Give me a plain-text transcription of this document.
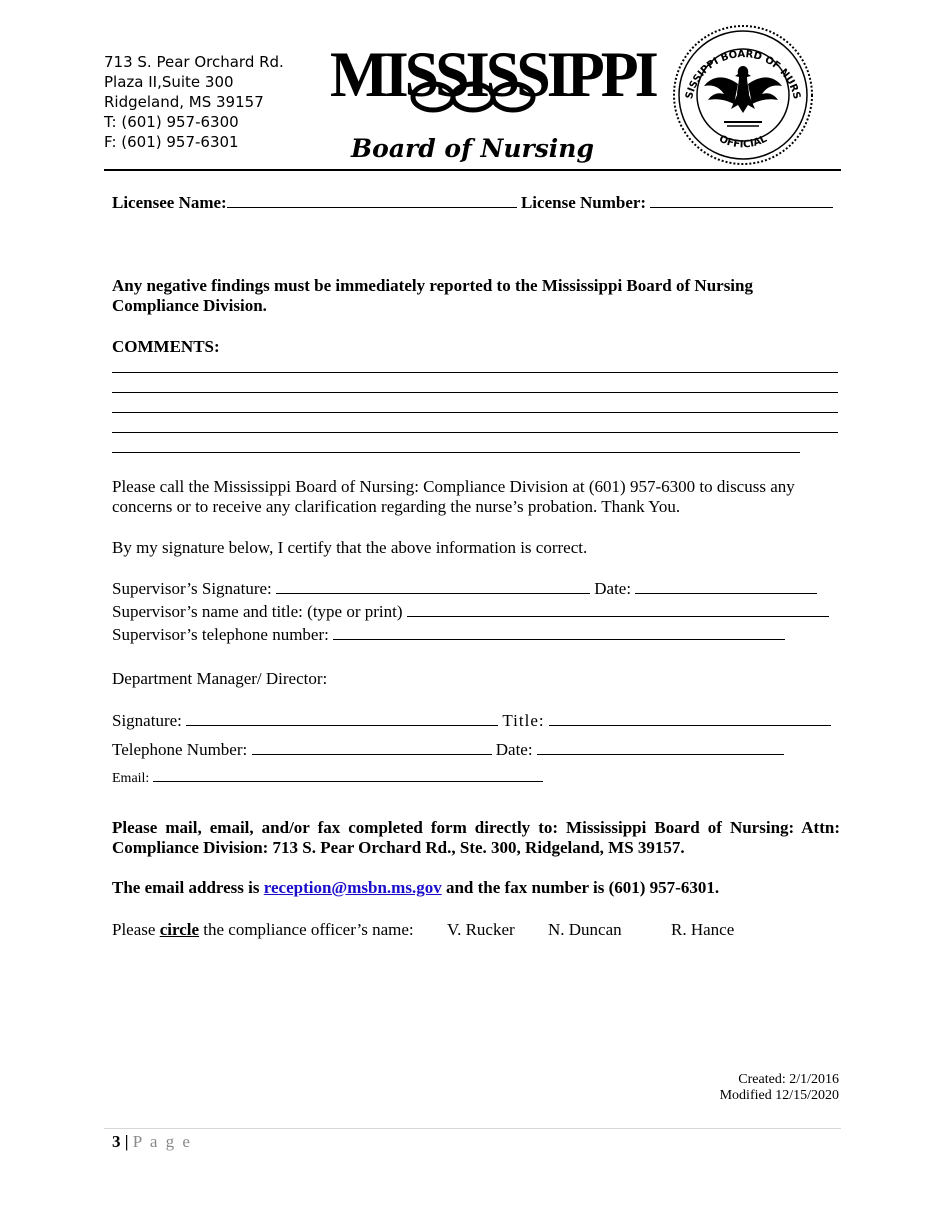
713 S. Pear Orchard Rd.
Plaza II,Suite 300
Ridgeland, MS 39157
T: (601) 957-6300
F: (601) 957-6301
MISSISSIPPI
Board of Nursing
SISSIPPI BOARD OF NURS
OFFICIAL
Licensee Name:	License Number:
Any negative findings must be immediately reported to the Mississippi Board of Nursing Compliance Division.
COMMENTS:
Please call the Mississippi Board of Nursing: Compliance Division at (601) 957-6300 to discuss any concerns or to receive any clarification regarding the nurse’s probation. Thank You.
By my signature below, I certify that the above information is correct.
Supervisor’s Signature:	Date:
Supervisor’s name and title: (type or print)
Supervisor’s telephone number:
Department Manager/ Director:
Signature:	Title:
Telephone Number:	Date:
Email:
Please mail, email, and/or fax completed form directly to: Mississippi Board of Nursing: Attn: Compliance Division: 713 S. Pear Orchard Rd., Ste. 300, Ridgeland, MS 39157.
The email address is reception@msbn.ms.gov and the fax number is (601) 957-6301.
Please circle the compliance officer’s name: V. Rucker N. Duncan	R. Hance
Created: 2/1/2016
Modified 12/15/2020
3 | P a g e
